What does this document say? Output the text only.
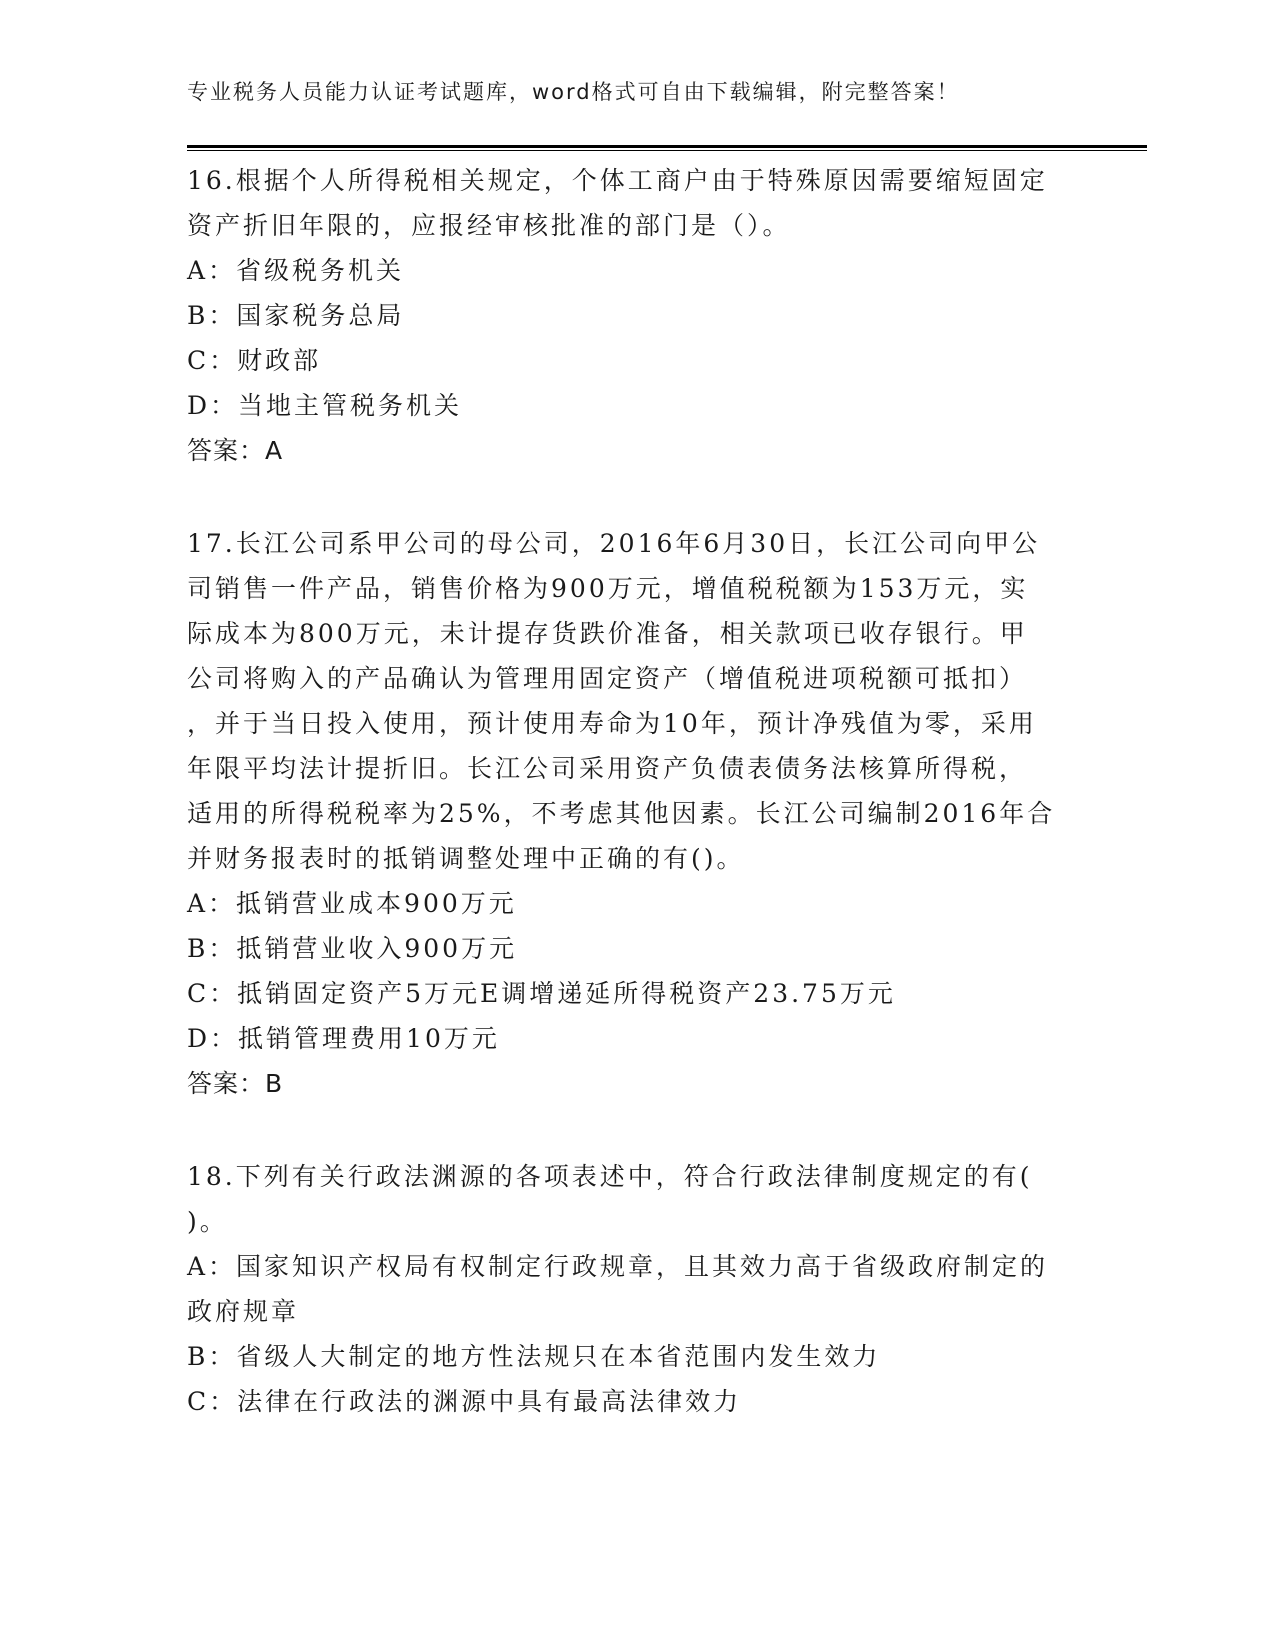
专业税务人员能力认证考试题库，word格式可自由下载编辑，附完整答案！
16.根据个人所得税相关规定，个体工商户由于特殊原因需要缩短固定
资产折旧年限的，应报经审核批准的部门是（）。
A：省级税务机关
B：国家税务总局
C：财政部
D：当地主管税务机关
答案：A
17.长江公司系甲公司的母公司，2016年6月30日，长江公司向甲公
司销售一件产品，销售价格为900万元，增值税税额为153万元，实
际成本为800万元，未计提存货跌价准备，相关款项已收存银行。甲
公司将购入的产品确认为管理用固定资产（增值税进项税额可抵扣）
，并于当日投入使用，预计使用寿命为10年，预计净残值为零，采用
年限平均法计提折旧。长江公司采用资产负债表债务法核算所得税，
适用的所得税税率为25%，不考虑其他因素。长江公司编制2016年合
并财务报表时的抵销调整处理中正确的有()。
A：抵销营业成本900万元
B：抵销营业收入900万元
C：抵销固定资产5万元E调增递延所得税资产23.75万元
D：抵销管理费用10万元
答案：B
18.下列有关行政法渊源的各项表述中，符合行政法律制度规定的有(
)。
A：国家知识产权局有权制定行政规章，且其效力高于省级政府制定的
政府规章
B：省级人大制定的地方性法规只在本省范围内发生效力
C：法律在行政法的渊源中具有最高法律效力
